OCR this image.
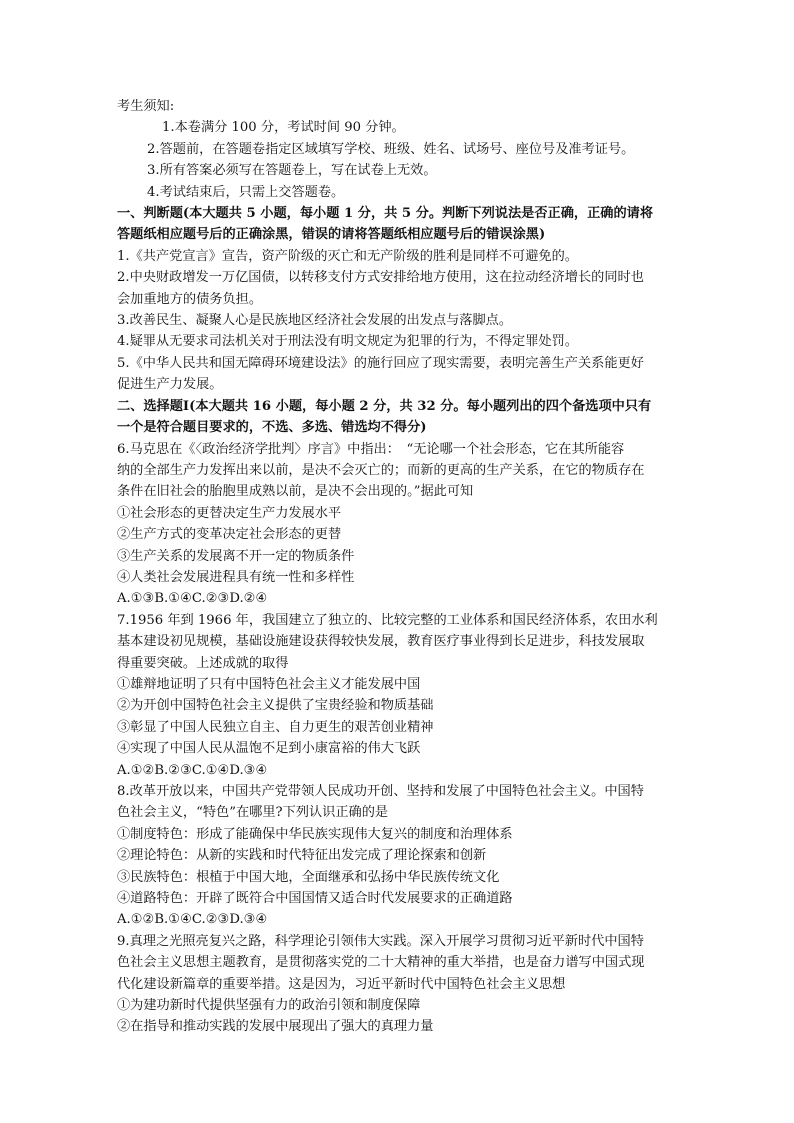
考生须知:
1.本卷满分 100 分，考试时间 90 分钟。
2.答题前，在答题卷指定区域填写学校、班级、姓名、试场号、座位号及准考证号。
3.所有答案必须写在答题卷上，写在试卷上无效。
4.考试结束后，只需上交答题卷。
一、判断题(本大题共 5 小题，每小题 1 分，共 5 分。判断下列说法是否正确，正确的请将
答题纸相应题号后的正确涂黑，错误的请将答题纸相应题号后的错误涂黑)
1.《共产党宣言》宣告，资产阶级的灭亡和无产阶级的胜利是同样不可避免的。
2.中央财政增发一万亿国债，以转移支付方式安排给地方使用，这在拉动经济增长的同时也
会加重地方的债务负担。
3.改善民生、凝聚人心是民族地区经济社会发展的出发点与落脚点。
4.疑罪从无要求司法机关对于刑法没有明文规定为犯罪的行为，不得定罪处罚。
5.《中华人民共和国无障碍环境建设法》的施行回应了现实需要，表明完善生产关系能更好
促进生产力发展。
二、选择题Ⅰ(本大题共 16 小题，每小题 2 分，共 32 分。每小题列出的四个备选项中只有
一个是符合题目要求的，不选、多选、错选均不得分)
6.马克思在《〈政治经济学批判〉序言》中指出：　“无论哪一个社会形态，它在其所能容
纳的全部生产力发挥出来以前，是决不会灭亡的；而新的更高的生产关系，在它的物质存在
条件在旧社会的胎胞里成熟以前，是决不会出现的。”据此可知
①社会形态的更替决定生产力发展水平
②生产方式的变革决定社会形态的更替
③生产关系的发展离不开一定的物质条件
④人类社会发展进程具有统一性和多样性
A.①③B.①④C.②③D.②④
7.1956 年到 1966 年，我国建立了独立的、比较完整的工业体系和国民经济体系，农田水利
基本建设初见规模，基础设施建设获得较快发展，教育医疗事业得到长足进步，科技发展取
得重要突破。上述成就的取得
①雄辩地证明了只有中国特色社会主义才能发展中国
②为开创中国特色社会主义提供了宝贵经验和物质基础
③彰显了中国人民独立自主、自力更生的艰苦创业精神
④实现了中国人民从温饱不足到小康富裕的伟大飞跃
A.①②B.②③C.①④D.③④
8.改革开放以来，中国共产党带领人民成功开创、坚持和发展了中国特色社会主义。中国特
色社会主义，“特色”在哪里?下列认识正确的是
①制度特色：形成了能确保中华民族实现伟大复兴的制度和治理体系
②理论特色：从新的实践和时代特征出发完成了理论探索和创新
③民族特色：根植于中国大地，全面继承和弘扬中华民族传统文化
④道路特色：开辟了既符合中国国情又适合时代发展要求的正确道路
A.①②B.①④C.②③D.③④
9.真理之光照亮复兴之路，科学理论引领伟大实践。深入开展学习贯彻习近平新时代中国特
色社会主义思想主题教育，是贯彻落实党的二十大精神的重大举措，也是奋力谱写中国式现
代化建设新篇章的重要举措。这是因为，习近平新时代中国特色社会主义思想
①为建功新时代提供坚强有力的政治引领和制度保障
②在指导和推动实践的发展中展现出了强大的真理力量
